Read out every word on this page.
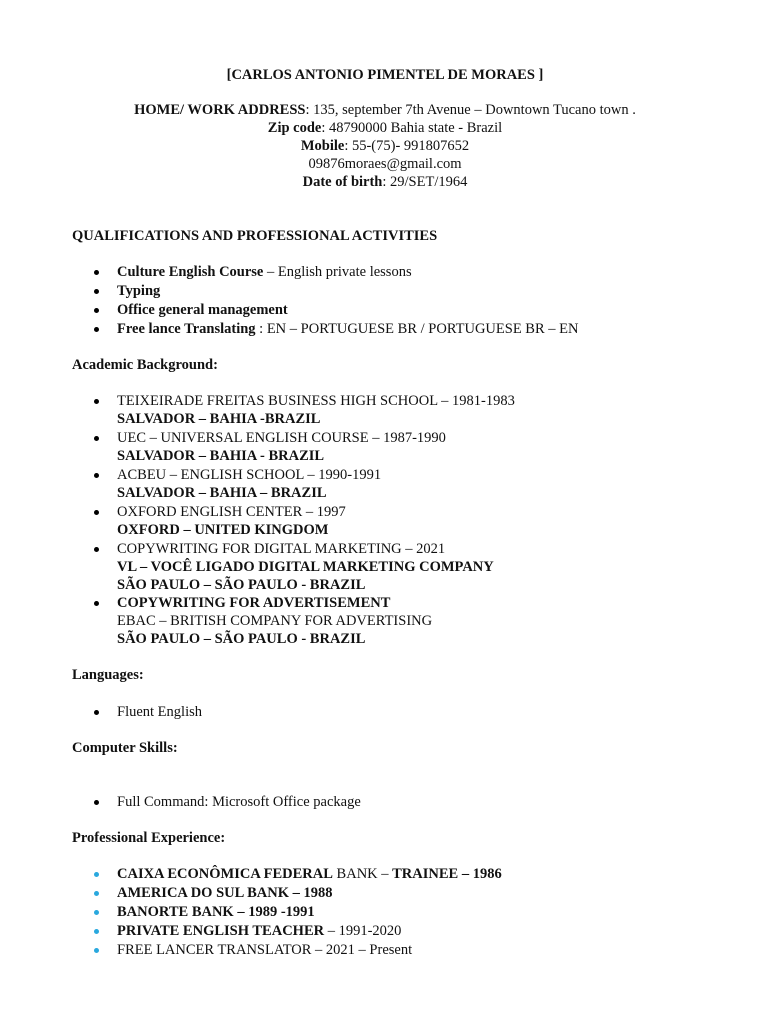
[CARLOS ANTONIO PIMENTEL DE MORAES ]
HOME/ WORK ADDRESS: 135, september 7th Avenue – Downtown Tucano town .
Zip code: 48790000 Bahia state - Brazil
Mobile: 55-(75)- 991807652
09876moraes@gmail.com
Date of birth: 29/SET/1964
QUALIFICATIONS AND PROFESSIONAL ACTIVITIES
Culture English Course – English private lessons
Typing
Office general management
Free lance Translating : EN – PORTUGUESE BR / PORTUGUESE BR – EN
Academic Background:
TEIXEIRADE FREITAS BUSINESS HIGH SCHOOL – 1981-1983
SALVADOR – BAHIA -BRAZIL
UEC – UNIVERSAL ENGLISH COURSE – 1987-1990
SALVADOR – BAHIA - BRAZIL
ACBEU – ENGLISH SCHOOL – 1990-1991
SALVADOR – BAHIA – BRAZIL
OXFORD ENGLISH CENTER – 1997
OXFORD – UNITED KINGDOM
COPYWRITING FOR DIGITAL MARKETING – 2021
VL – VOCÊ LIGADO DIGITAL MARKETING COMPANY
SÃO PAULO – SÃO PAULO - BRAZIL
COPYWRITING FOR ADVERTISEMENT
EBAC – BRITISH COMPANY FOR ADVERTISING
SÃO PAULO – SÃO PAULO - BRAZIL
Languages:
Fluent English
Computer Skills:
Full Command: Microsoft Office package
Professional Experience:
CAIXA ECONÔMICA FEDERAL BANK – TRAINEE – 1986
AMERICA DO SUL BANK – 1988
BANORTE BANK – 1989 -1991
PRIVATE ENGLISH TEACHER – 1991-2020
FREE LANCER TRANSLATOR – 2021 – Present
